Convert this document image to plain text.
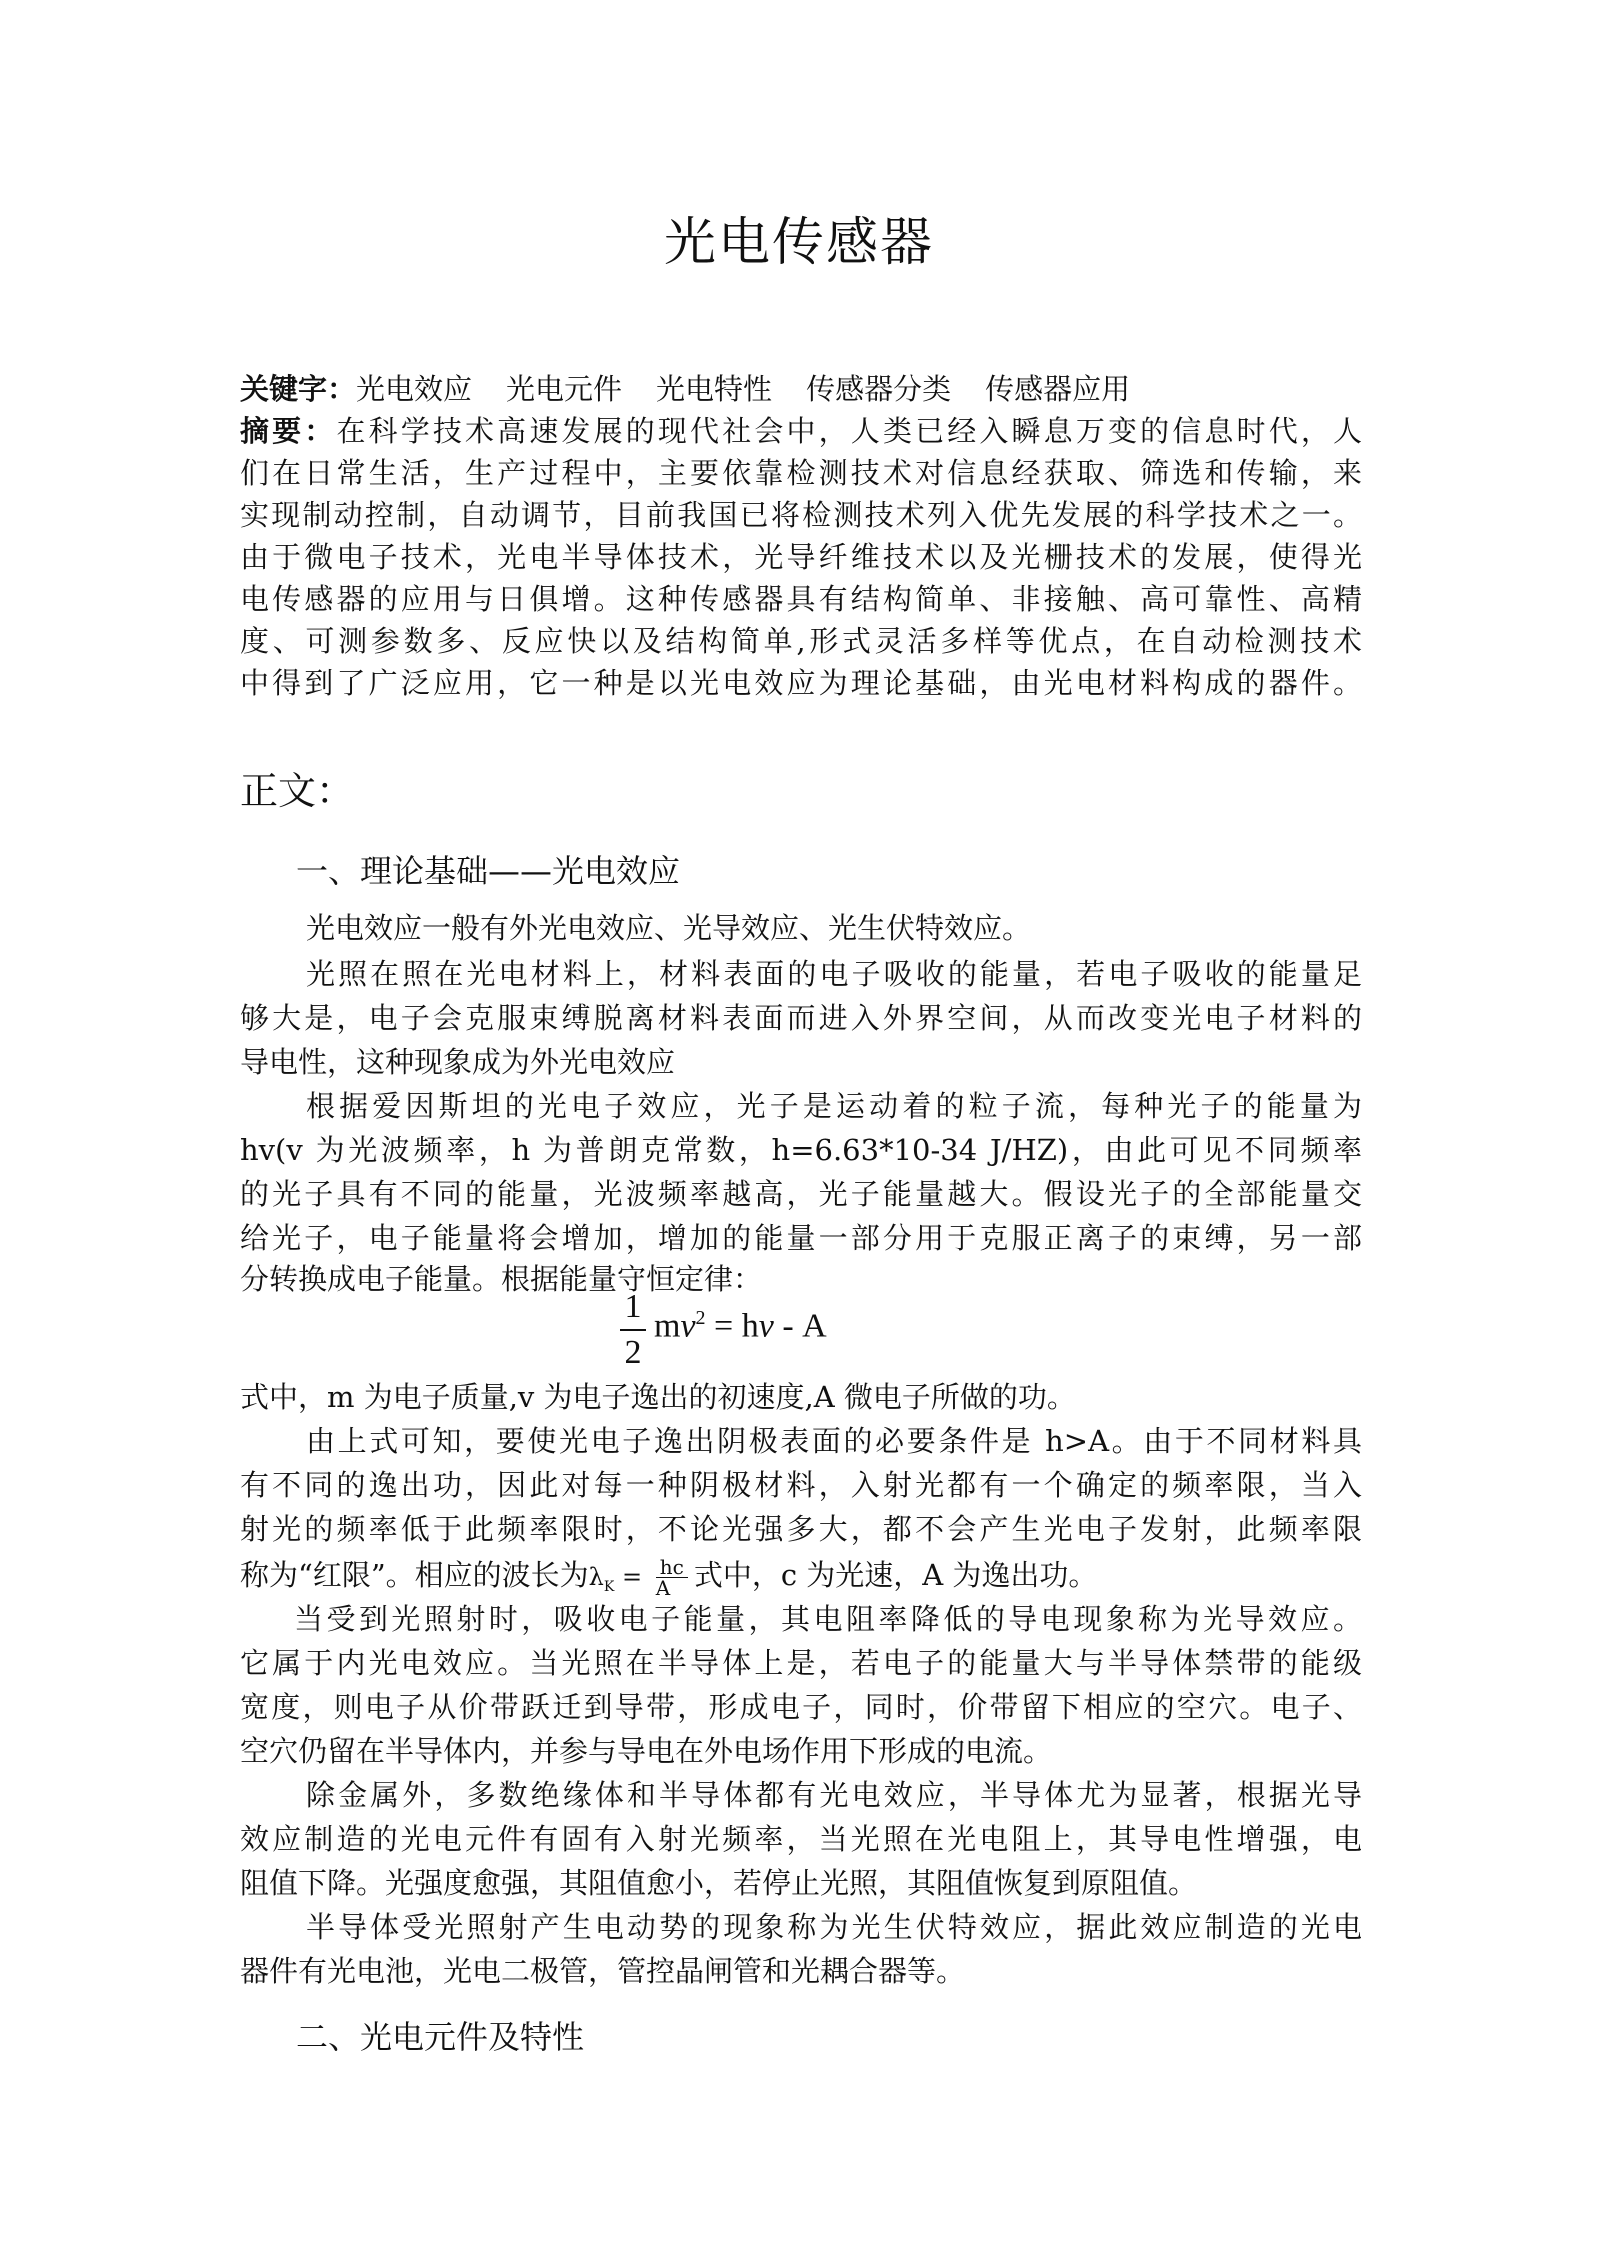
光电传感器
关键字：光电效应 光电元件 光电特性 传感器分类 传感器应用
摘要：在科学技术高速发展的现代社会中，人类已经入瞬息万变的信息时代，人
们在日常生活，生产过程中，主要依靠检测技术对信息经获取、筛选和传输，来
实现制动控制，自动调节，目前我国已将检测技术列入优先发展的科学技术之一。
由于微电子技术，光电半导体技术，光导纤维技术以及光栅技术的发展，使得光
电传感器的应用与日俱增。这种传感器具有结构简单、非接触、高可靠性、高精
度、可测参数多、反应快以及结构简单,形式灵活多样等优点，在自动检测技术
中得到了广泛应用，它一种是以光电效应为理论基础，由光电材料构成的器件。
正文：
一、理论基础——光电效应
光电效应一般有外光电效应、光导效应、光生伏特效应。
光照在照在光电材料上，材料表面的电子吸收的能量，若电子吸收的能量足
够大是，电子会克服束缚脱离材料表面而进入外界空间，从而改变光电子材料的
导电性，这种现象成为外光电效应
根据爱因斯坦的光电子效应，光子是运动着的粒子流，每种光子的能量为
hv(v 为光波频率，h 为普朗克常数，h=6.63*10-34 J/HZ)，由此可见不同频率
的光子具有不同的能量，光波频率越高，光子能量越大。假设光子的全部能量交
给光子，电子能量将会增加，增加的能量一部分用于克服正离子的束缚，另一部
分转换成电子能量。根据能量守恒定律：
1
2
$m\nu^2 = h\nu - A$
式中，m 为电子质量,v 为电子逸出的初速度,A 微电子所做的功。
由上式可知，要使光电子逸出阴极表面的必要条件是 h>A。由于不同材料具
有不同的逸出功，因此对每一种阴极材料，入射光都有一个确定的频率限，当入
射光的频率低于此频率限时，不论光强多大，都不会产生光电子发射，此频率限
称为“红限”。相应的波长为$\lambda_K = \frac{hc}{A}$ 式中，c 为光速，A 为逸出功。
当受到光照射时，吸收电子能量，其电阻率降低的导电现象称为光导效应。
它属于内光电效应。当光照在半导体上是，若电子的能量大与半导体禁带的能级
宽度，则电子从价带跃迁到导带，形成电子，同时，价带留下相应的空穴。电子、
空穴仍留在半导体内，并参与导电在外电场作用下形成的电流。
除金属外，多数绝缘体和半导体都有光电效应，半导体尤为显著，根据光导
效应制造的光电元件有固有入射光频率，当光照在光电阻上，其导电性增强，电
阻值下降。光强度愈强，其阻值愈小，若停止光照，其阻值恢复到原阻值。
半导体受光照射产生电动势的现象称为光生伏特效应，据此效应制造的光电
器件有光电池，光电二极管，管控晶闸管和光耦合器等。
二、光电元件及特性
